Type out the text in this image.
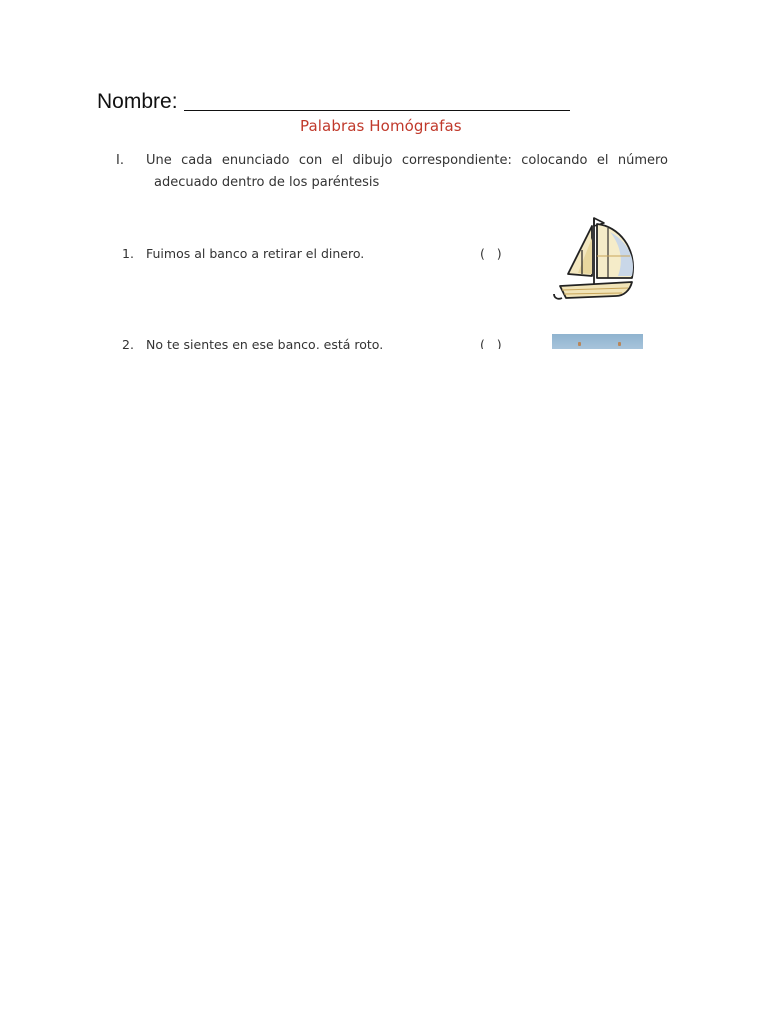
Nombre:
Palabras Homógrafas
I. Une cada enunciado con el dibujo correspondiente: colocando el número
adecuado dentro de los paréntesis
1. Fuimos al banco a retirar el dinero.	(   )
2. No te sientes en ese banco, está roto.	(   )
